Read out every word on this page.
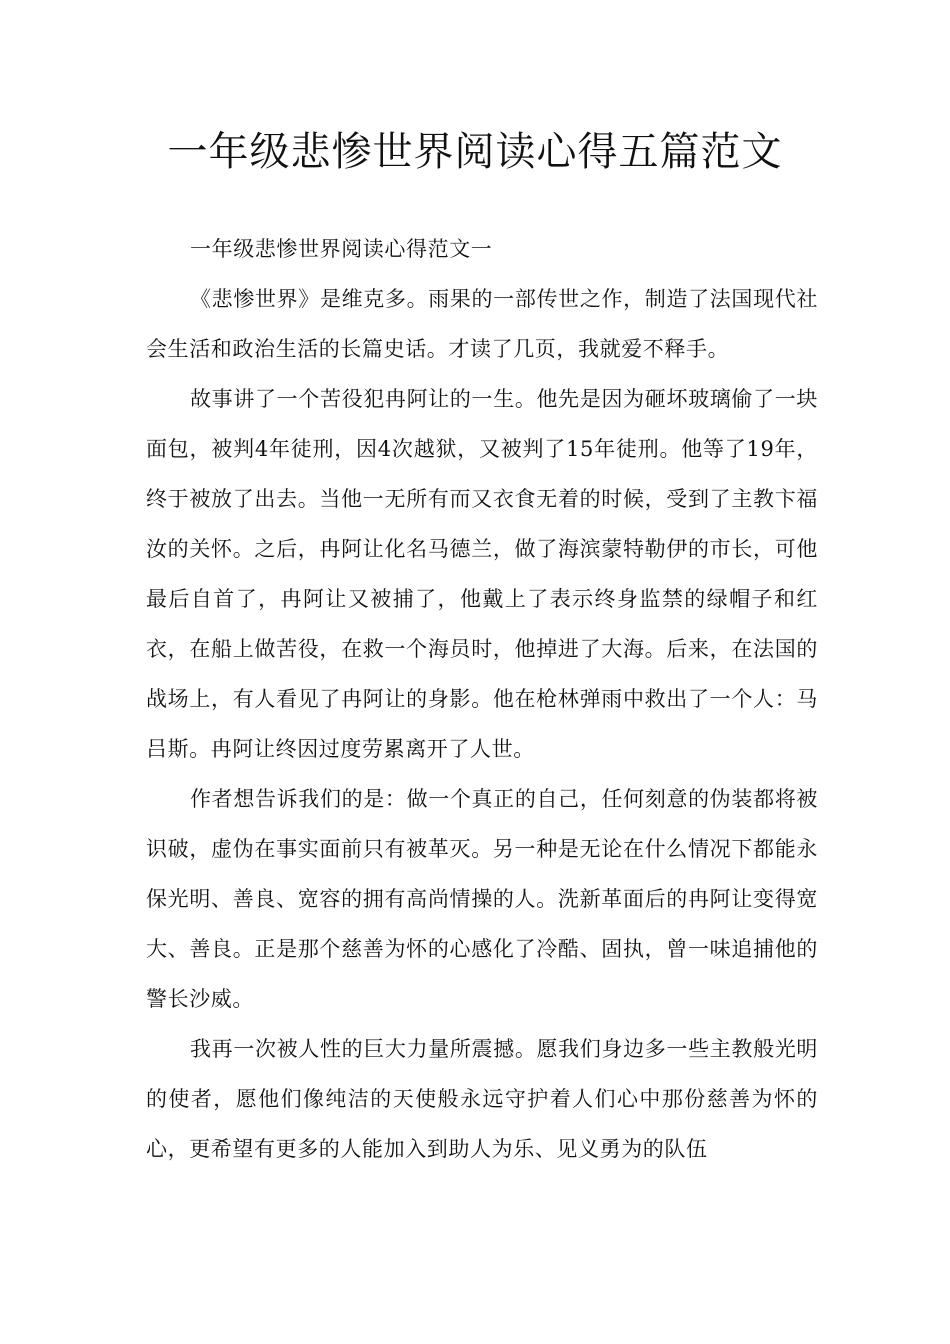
一年级悲惨世界阅读心得五篇范文

一年级悲惨世界阅读心得范文一

《悲惨世界》是维克多。雨果的一部传世之作，制造了法国现代社会生活和政治生活的长篇史话。才读了几页，我就爱不释手。

故事讲了一个苦役犯冉阿让的一生。他先是因为砸坏玻璃偷了一块面包，被判4年徒刑，因4次越狱，又被判了15年徒刑。他等了19年，终于被放了出去。当他一无所有而又衣食无着的时候，受到了主教卞福汝的关怀。之后，冉阿让化名马德兰，做了海滨蒙特勒伊的市长，可他最后自首了，冉阿让又被捕了，他戴上了表示终身监禁的绿帽子和红衣，在船上做苦役，在救一个海员时，他掉进了大海。后来，在法国的战场上，有人看见了冉阿让的身影。他在枪林弹雨中救出了一个人：马吕斯。冉阿让终因过度劳累离开了人世。

作者想告诉我们的是：做一个真正的自己，任何刻意的伪装都将被识破，虚伪在事实面前只有被革灭。另一种是无论在什么情况下都能永保光明、善良、宽容的拥有高尚情操的人。洗新革面后的冉阿让变得宽大、善良。正是那个慈善为怀的心感化了冷酷、固执，曾一味追捕他的警长沙威。

我再一次被人性的巨大力量所震撼。愿我们身边多一些主教般光明的使者，愿他们像纯洁的天使般永远守护着人们心中那份慈善为怀的心，更希望有更多的人能加入到助人为乐、见义勇为的队伍
